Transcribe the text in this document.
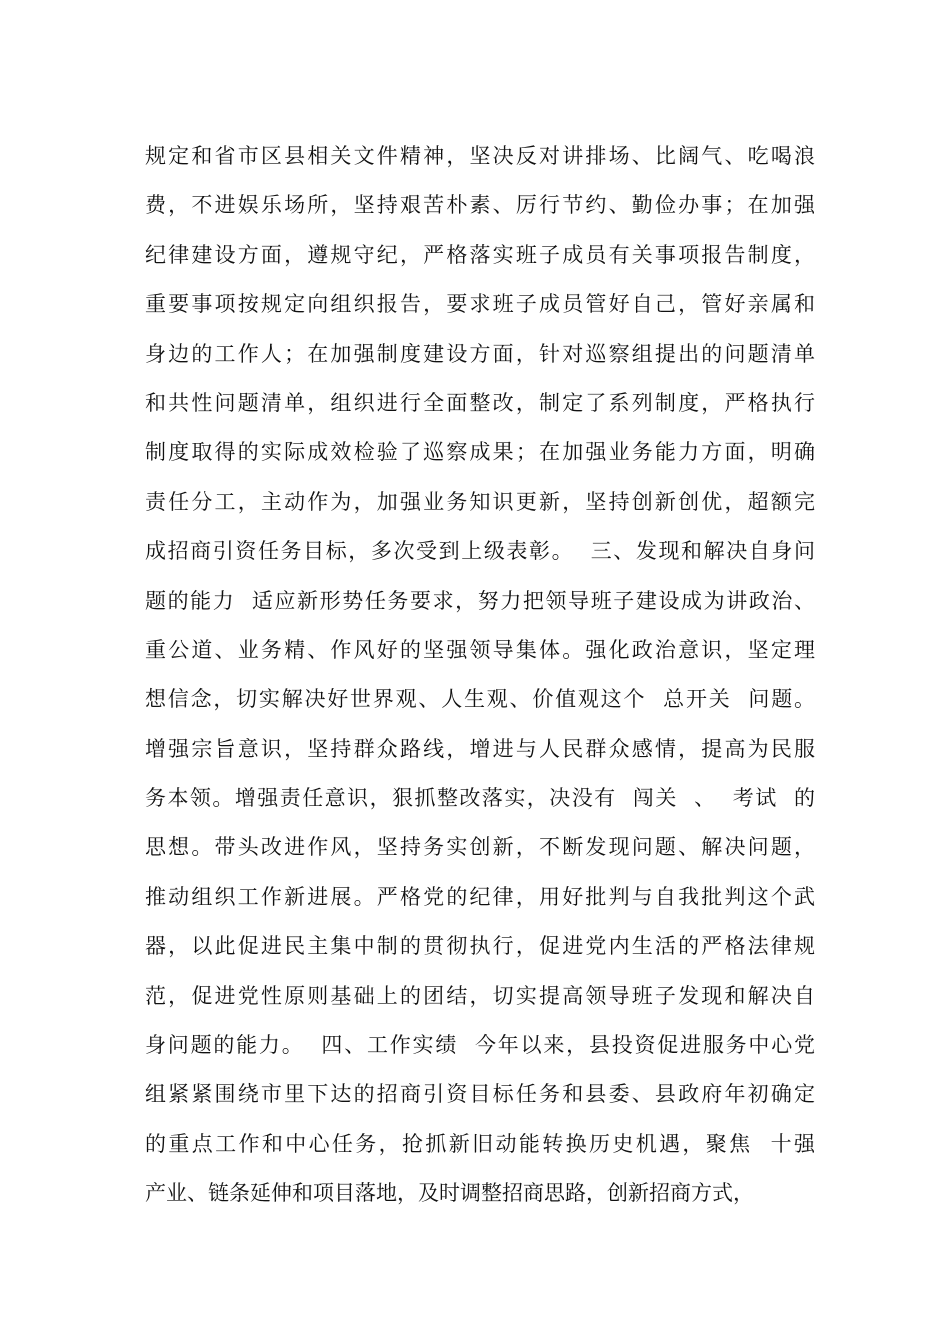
规定和省市区县相关文件精神，坚决反对讲排场、比阔气、吃喝浪
费，不进娱乐场所，坚持艰苦朴素、厉行节约、勤俭办事；在加强
纪律建设方面，遵规守纪，严格落实班子成员有关事项报告制度，
重要事项按规定向组织报告，要求班子成员管好自己，管好亲属和
身边的工作人；在加强制度建设方面，针对巡察组提出的问题清单
和共性问题清单，组织进行全面整改，制定了系列制度，严格执行
制度取得的实际成效检验了巡察成果；在加强业务能力方面，明确
责任分工，主动作为，加强业务知识更新，坚持创新创优，超额完
成招商引资任务目标，多次受到上级表彰。  三、发现和解决自身问
题的能力  适应新形势任务要求，努力把领导班子建设成为讲政治、
重公道、业务精、作风好的坚强领导集体。强化政治意识，坚定理
想信念，切实解决好世界观、人生观、价值观这个  总开关  问题。
增强宗旨意识，坚持群众路线，增进与人民群众感情，提高为民服
务本领。增强责任意识，狠抓整改落实，决没有  闯关  、  考试  的
思想。带头改进作风，坚持务实创新，不断发现问题、解决问题，
推动组织工作新进展。严格党的纪律，用好批判与自我批判这个武
器，以此促进民主集中制的贯彻执行，促进党内生活的严格法律规
范，促进党性原则基础上的团结，切实提高领导班子发现和解决自
身问题的能力。  四、工作实绩  今年以来，县投资促进服务中心党
组紧紧围绕市里下达的招商引资目标任务和县委、县政府年初确定
的重点工作和中心任务，抢抓新旧动能转换历史机遇，聚焦  十强
产业、链条延伸和项目落地，及时调整招商思路，创新招商方式，
